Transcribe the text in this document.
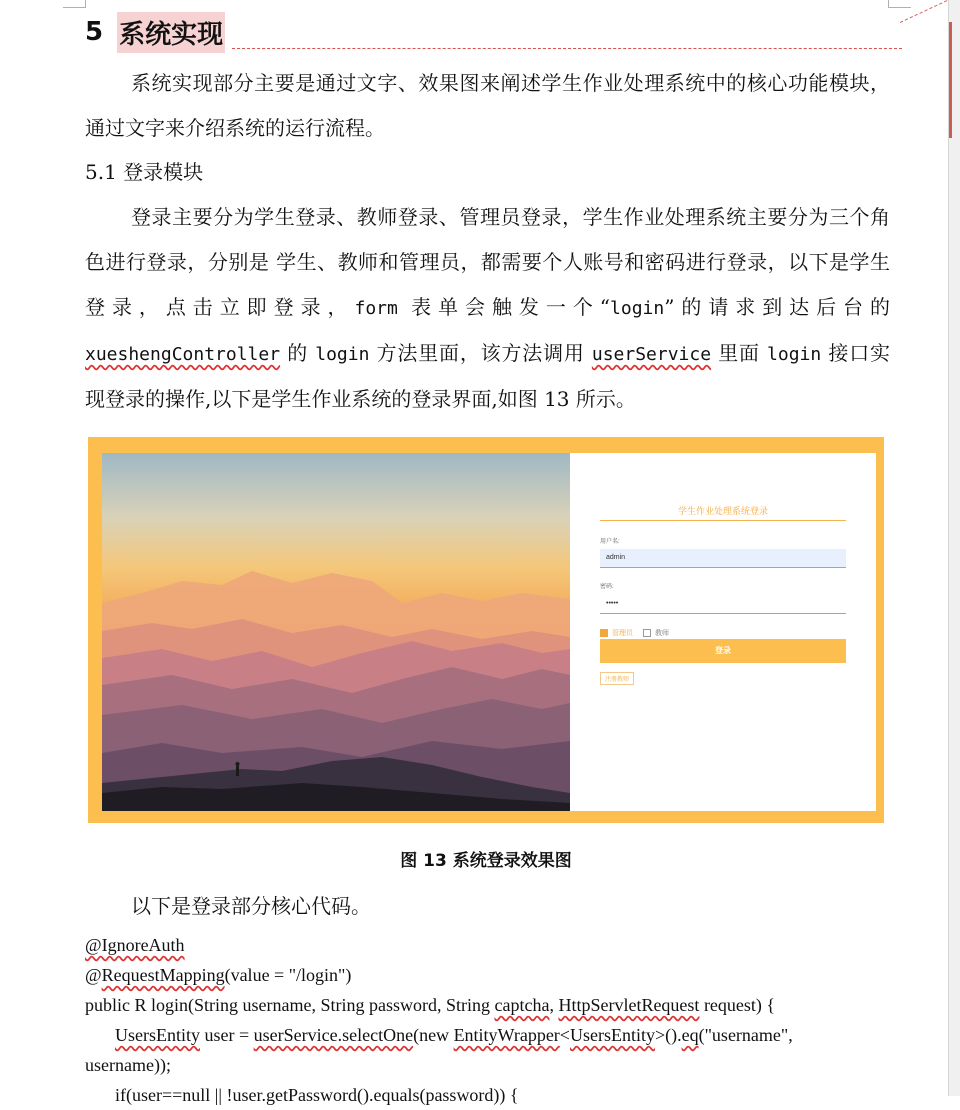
5 系统实现
系统实现部分主要是通过文字、效果图来阐述学生作业处理系统中的核心功能模块，通过文字来介绍系统的运行流程。
5.1 登录模块
登录主要分为学生登录、教师登录、管理员登录，学生作业处理系统主要分为三个角色进行登录，分别是 学生、教师和管理员，都需要个人账号和密码进行登录，以下是学生登录，点击立即登录，form 表单会触发一个“login”的请求到达后台的 xueshengController 的 login 方法里面，该方法调用 userService 里面 login 接口实现登录的操作,以下是学生作业系统的登录界面,如图 13 所示。
学生作业处理系统登录
用户名:
admin
密码:
•••••
管理员	教师
登录
注册教师
图 13 系统登录效果图
以下是登录部分核心代码。
@IgnoreAuth
@RequestMapping(value = "/login")
public R login(String username, String password, String captcha, HttpServletRequest request) {
UsersEntity user = userService.selectOne(new EntityWrapper<UsersEntity>().eq("username",
username));
if(user==null || !user.getPassword().equals(password)) {
